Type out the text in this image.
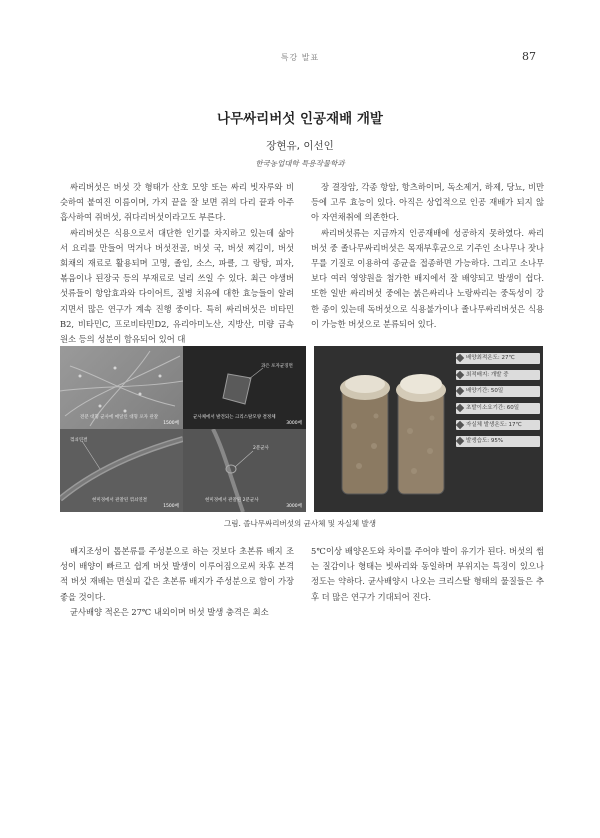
특강 발표	87
나무싸리버섯 인공재배 개발
장현유, 이선인
한국농업대학 특용작물학과

싸리버섯은 버섯 갓 형태가 산호 모양 또는 싸리 빗자루와 비슷하여 붙여진 이름이며, 가지 끝을 잘 보면 쥐의 다리 끝과 아주 흡사하여 쥐버섯, 쥐다리버섯이라고도 부른다.

싸리버섯은 식용으로서 대단한 인기를 차지하고 있는데 삶아서 요리를 만들어 먹거나 버섯전골, 버섯 국, 버섯 찌김이, 버섯 회채의 재료로 활용되며 고명, 졸임, 소스, 파클, 그 랑탕, 피자, 볶음이나 된장국 등의 부재료로 널리 쓰일 수 있다. 최근 야생버섯류들이 항암효과와 다이어트, 질병 치유에 대한 효능들이 알려지면서 많은 연구가 계속 진행 중이다. 특히 싸리버섯은 비타민B2, 비타민C, 프로비타민D2, 유리아미노산, 지방산, 미량 금속원소 등의 성분이 함유되어 있어 대

장 결장암, 각종 항암, 항츠하이머, 독소제거, 하제, 당뇨, 비만 등에 고루 효능이 있다. 아직은 상업적으로 인공 재배가 되지 않아 자연채취에 의존한다.

싸리버섯류는 지금까지 인공재배에 성공하지 못하였다. 싸리버섯 중 졸나무싸리버섯은 목재부후균으로 기주인 소나무나 잣나무를 기질로 이용하여 종균을 접종하면 가능하다. 그리고 소나무보다 여러 영양원을 첨가한 배지에서 잘 배양되고 발생이 쉽다. 또한 일반 싸리버섯 중에는 붉은싸리나 노랑싸리는 중독성이 강한 종이 있는데 독버섯으로 식용불가이나 졸나무싸리버섯은 식용이 가능한 버섯으로 분류되어 있다.

전분 대형 균사에 매달린 대형 포자 관찰
1500배
과은 포자균징면
균사체에서 발견되는 크리스탈모양 결정체
3000배
꺾쇠연결
현미경에서 관찰된 꺾쇠연결
1500배
2분균사
현미경에서 관찰된 2분균사
3000배
배양최적온도: 27℃
최적배지: 개발 중
배양기간: 50일
초발이소요기간: 60일
자실체 발생온도: 17℃
발생습도: 95%
그림. 졸나무싸리버섯의 균사체 및 자실체 발생

배지조성이 톱본류를 주성분으로 하는 것보다 초본류 배지 조성이 배양이 빠르고 쉽게 버섯 발생이 이루어짐으로써 차후 본격적 버섯 재배는 면실피 같은 초본류 배지가 주성분으로 함이 가장 좋을 것이다.

균사배양 적온은 27℃ 내외이며 버섯 발생 충격은 최소

5℃이상 배양온도와 차이를 주어야 발이 유기가 된다. 버섯의 썸는 질감이나 형태는 빗싸리와 동일하며 부위지는 특징이 있으나 정도는 약하다. 균사배양시 나오는 크리스탈 형태의 물질들은 추후 더 많은 연구가 기대되어 진다.
